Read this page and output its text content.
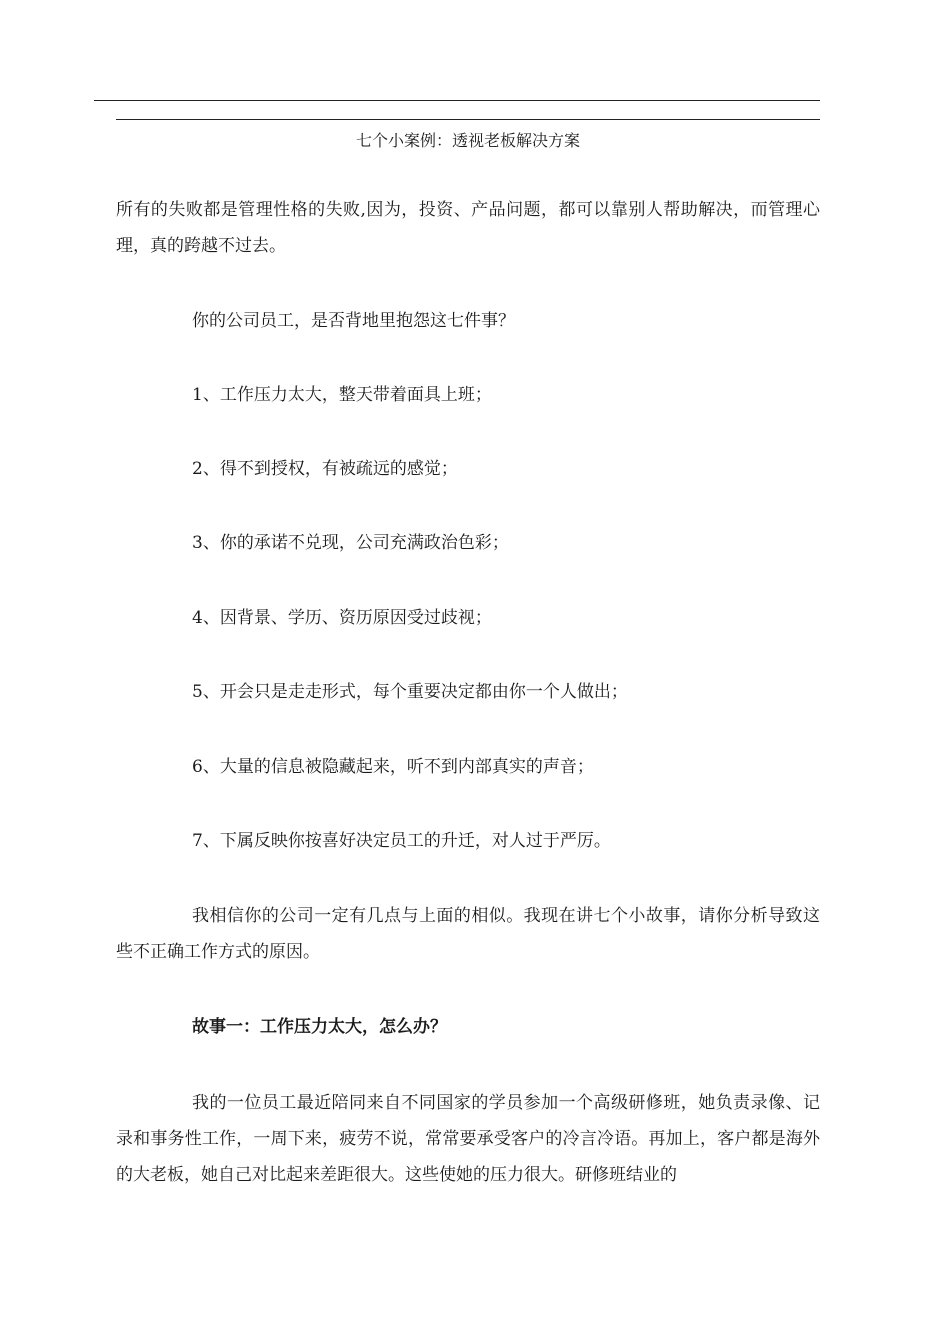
七个小案例：透视老板解决方案

所有的失败都是管理性格的失败,因为，投资、产品问题，都可以靠别人帮助解决，而管理心理，真的跨越不过去。

你的公司员工，是否背地里抱怨这七件事？

1、工作压力太大，整天带着面具上班；

2、得不到授权，有被疏远的感觉；

3、你的承诺不兑现，公司充满政治色彩；

4、因背景、学历、资历原因受过歧视；

5、开会只是走走形式，每个重要决定都由你一个人做出；

6、大量的信息被隐藏起来，听不到内部真实的声音；

7、下属反映你按喜好决定员工的升迁，对人过于严厉。

我相信你的公司一定有几点与上面的相似。我现在讲七个小故事，请你分析导致这些不正确工作方式的原因。

故事一：工作压力太大，怎么办？

我的一位员工最近陪同来自不同国家的学员参加一个高级研修班，她负责录像、记录和事务性工作，一周下来，疲劳不说，常常要承受客户的冷言冷语。再加上，客户都是海外的大老板，她自己对比起来差距很大。这些使她的压力很大。研修班结业的
